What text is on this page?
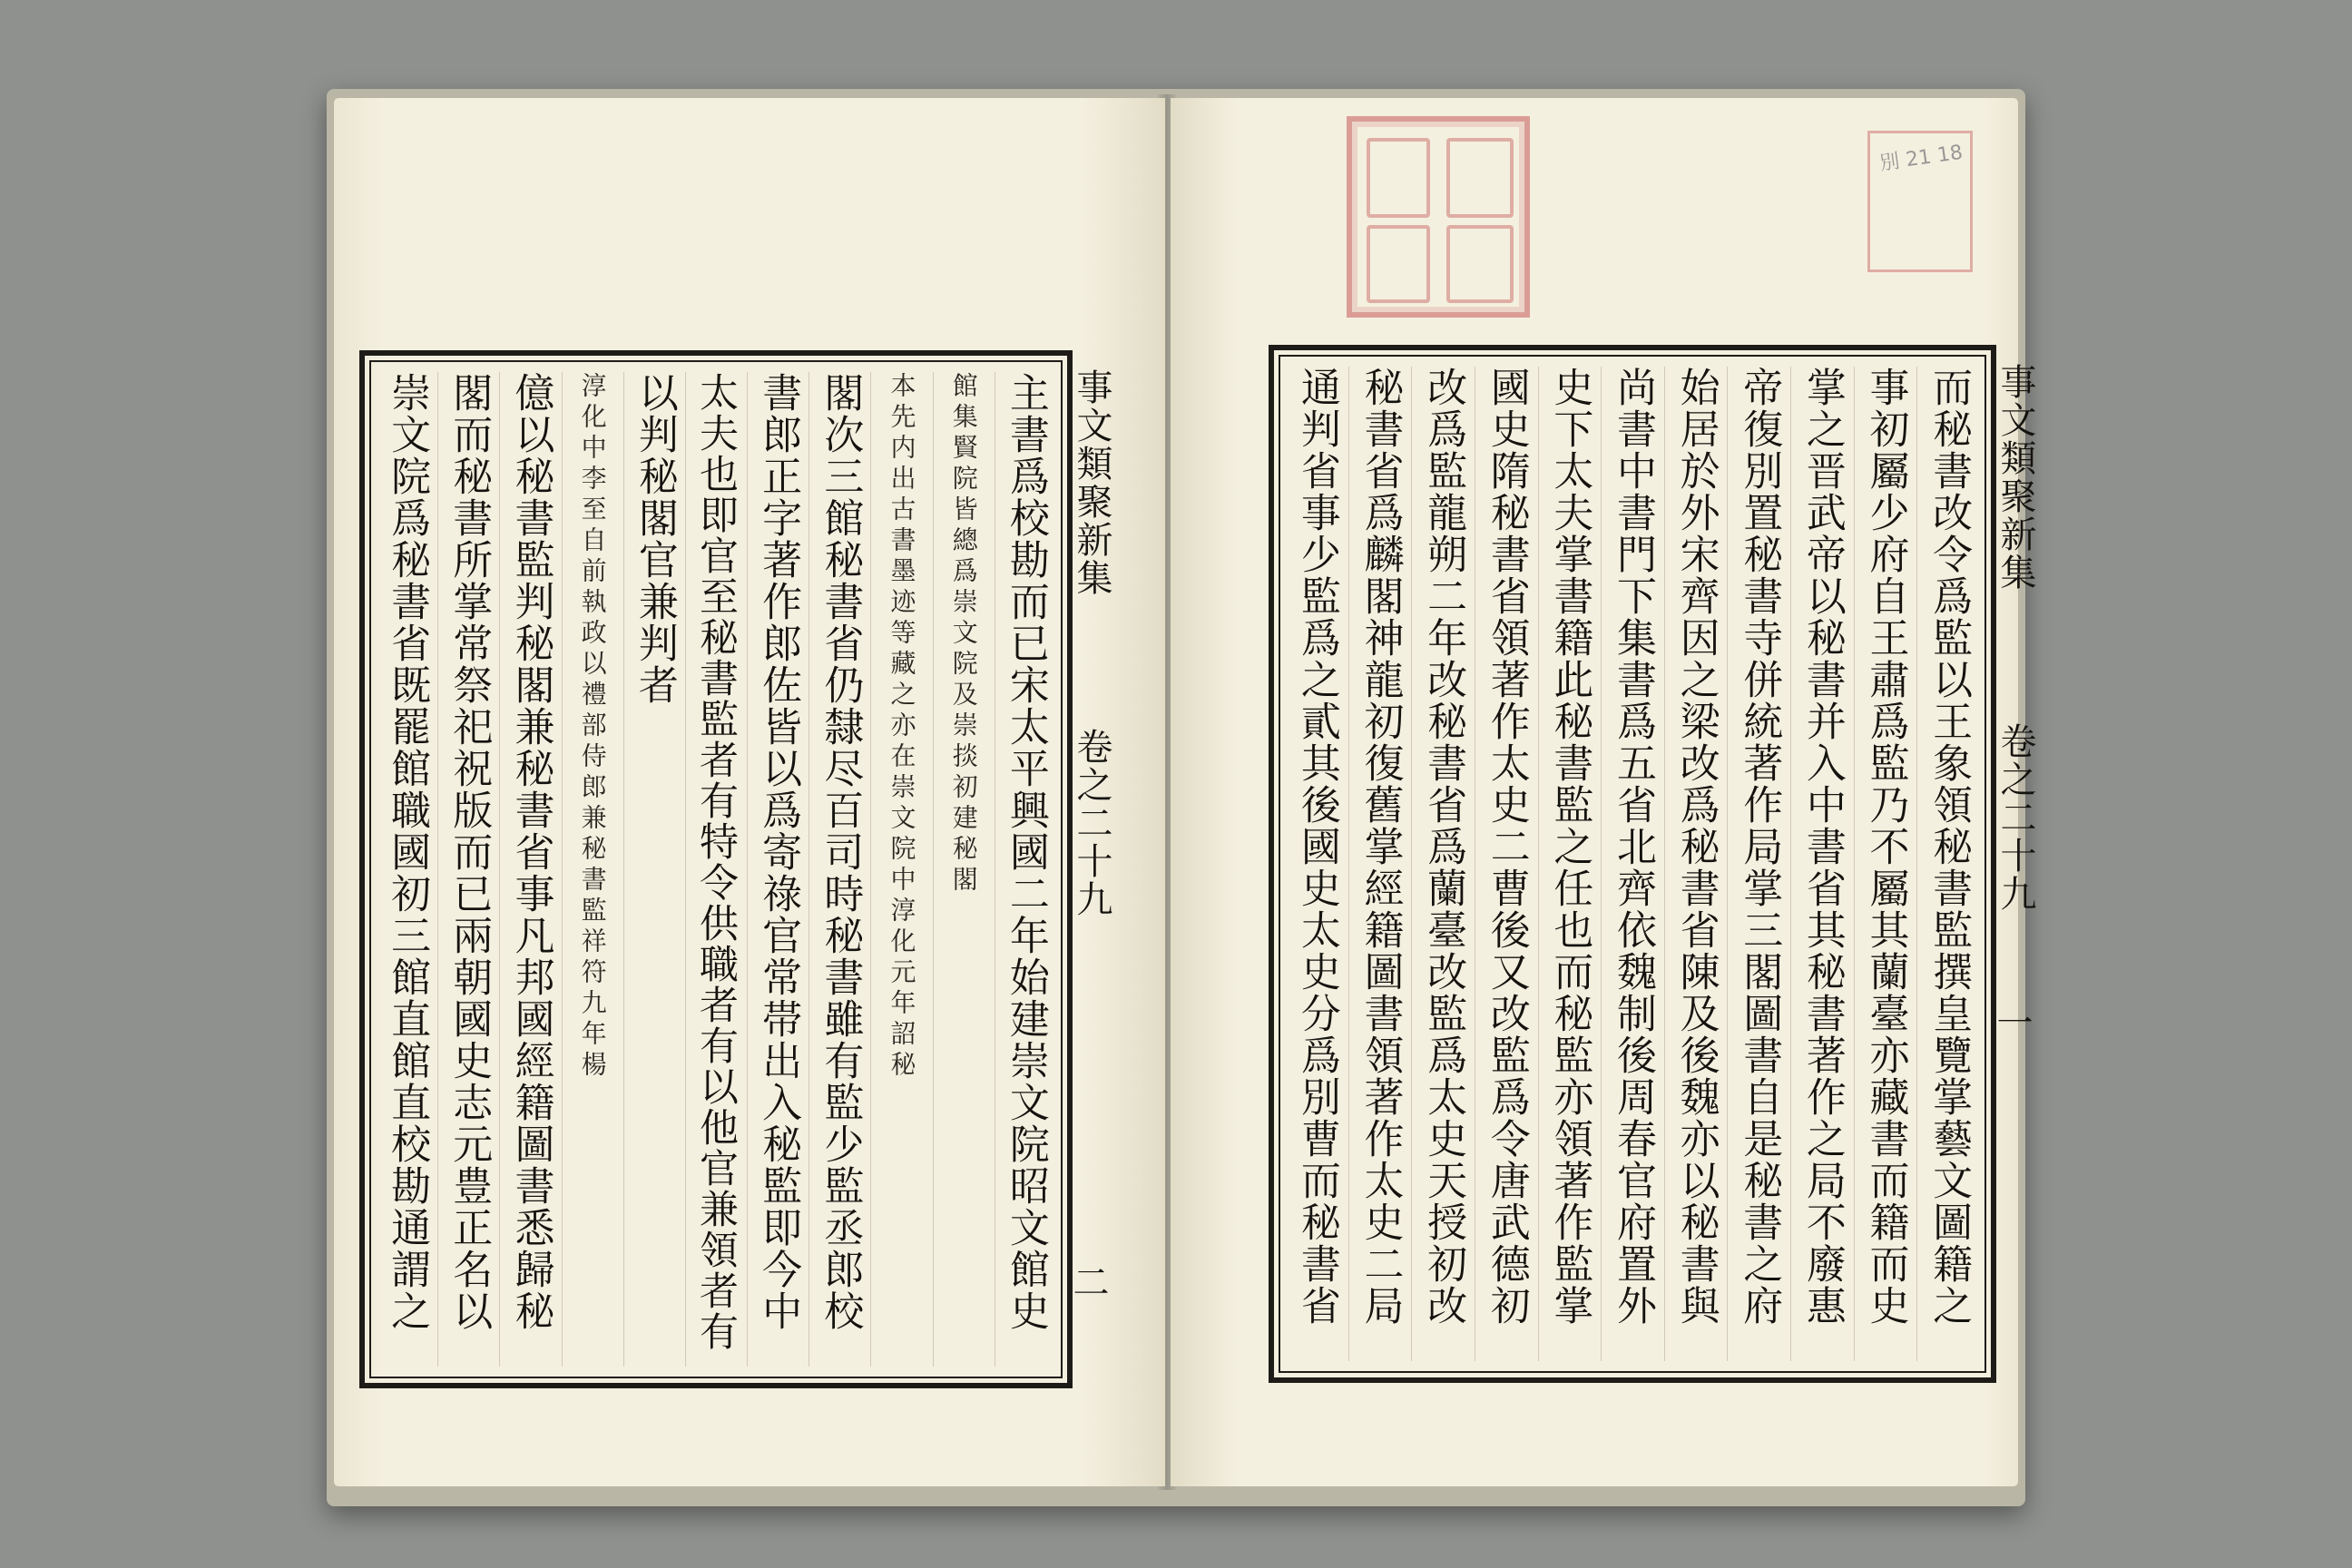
事文類聚新集
卷之二十九
二
主書爲校勘而已宋太平興國二年始建崇文院昭文館史
館集賢院皆總爲崇文院及崇掞初建秘閣
本先内出古書墨迹等藏之亦在崇文院中淳化元年詔秘
閣次三館秘書省仍隸尽百司時秘書雖有監少監丞郎校
書郎正字著作郎佐皆以爲寄祿官常帯出入秘監即今中
太夫也即官至秘書監者有特令供職者有以他官兼領者有
以判秘閣官兼判者
淳化中李至自前執政以禮部侍郎兼秘書監祥符九年楊
億以秘書監判秘閣兼秘書省事凡邦國經籍圖書悉歸秘
閣而秘書所掌常祭祀祝版而已兩朝國史志元豊正名以
崇文院爲秘書省既罷館職國初三館直館直校勘通謂之
別 21 18
事文類聚新集
卷之二十九
一
而秘書改令爲監以王象領秘書監撰皇覽掌藝文圖籍之
事初屬少府自王肅爲監乃不屬其蘭臺亦藏書而籍而史
掌之晋武帝以秘書并入中書省其秘書著作之局不廢惠
帝復別置秘書寺併統著作局掌三閣圖書自是秘書之府
始居於外宋齊因之梁改爲秘書省陳及後魏亦以秘書與
尚書中書門下集書爲五省北齊依魏制後周春官府置外
史下太夫掌書籍此秘書監之任也而秘監亦領著作監掌
國史隋秘書省領著作太史二曹後又改監爲令唐武德初
改爲監龍朔二年改秘書省爲蘭臺改監爲太史天授初改
秘書省爲麟閣神龍初復舊掌經籍圖書領著作太史二局
通判省事少監爲之貳其後國史太史分爲別曹而秘書省
